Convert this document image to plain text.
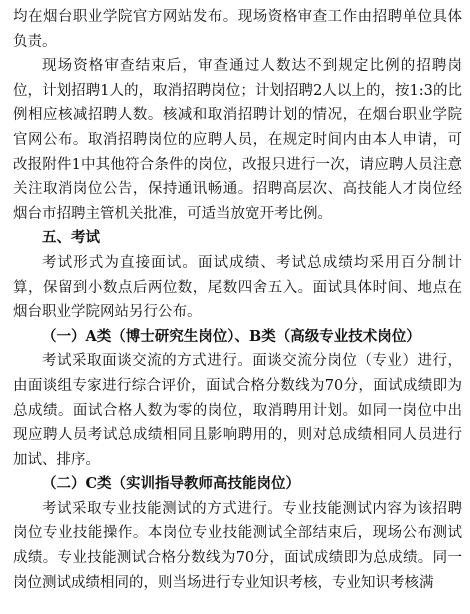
均在烟台职业学院官方网站发布。现场资格审查工作由招聘单位具体负责。

现场资格审查结束后，审查通过人数达不到规定比例的招聘岗位，计划招聘1人的，取消招聘岗位；计划招聘2人以上的，按1:3的比例相应核减招聘人数。核减和取消招聘计划的情况，在烟台职业学院官网公布。取消招聘岗位的应聘人员，在规定时间内由本人申请，可改报附件1中其他符合条件的岗位，改报只进行一次，请应聘人员注意关注取消岗位公告，保持通讯畅通。招聘高层次、高技能人才岗位经烟台市招聘主管机关批准，可适当放宽开考比例。

五、考试

考试形式为直接面试。面试成绩、考试总成绩均采用百分制计算，保留到小数点后两位数，尾数四舍五入。面试具体时间、地点在烟台职业学院网站另行公布。

（一）A类（博士研究生岗位）、B类（高级专业技术岗位）

考试采取面谈交流的方式进行。面谈交流分岗位（专业）进行，由面谈组专家进行综合评价，面试合格分数线为70分，面试成绩即为总成绩。面试合格人数为零的岗位，取消聘用计划。如同一岗位中出现应聘人员考试总成绩相同且影响聘用的，则对总成绩相同人员进行加试、排序。

（二）C类（实训指导教师高技能岗位）

考试采取专业技能测试的方式进行。专业技能测试内容为该招聘岗位专业技能操作。本岗位专业技能测试全部结束后，现场公布测试成绩。专业技能测试合格分数线为70分，面试成绩即为总成绩。同一岗位测试成绩相同的，则当场进行专业知识考核，专业知识考核满
